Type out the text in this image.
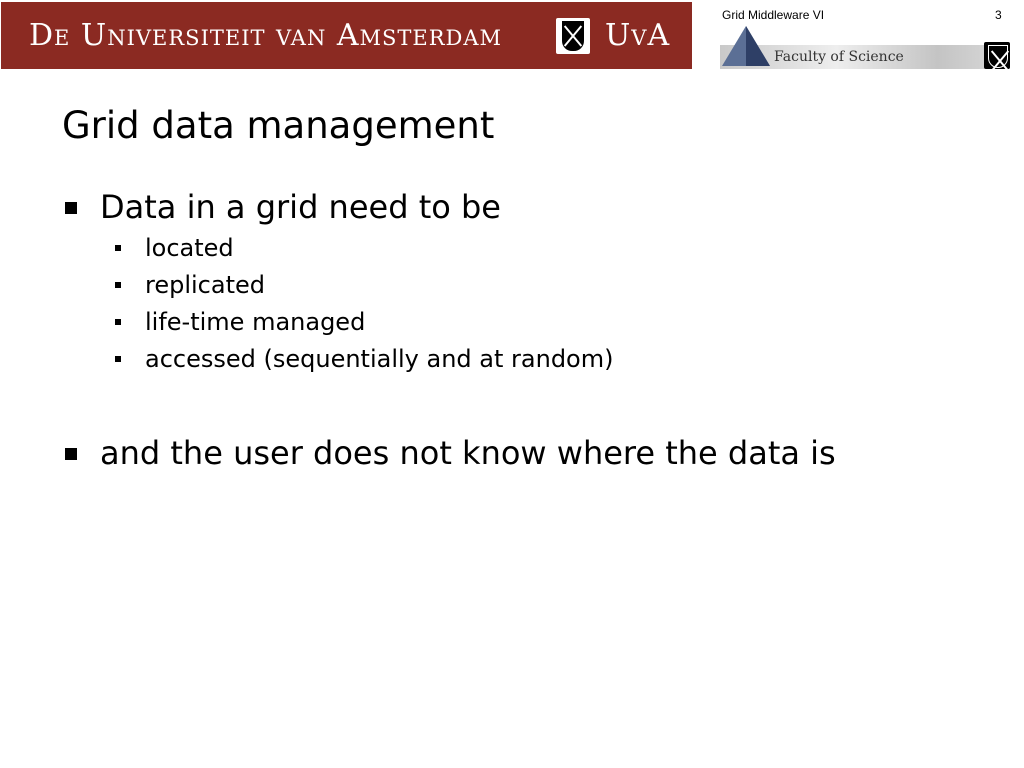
De Universiteit van Amsterdam	UvA
Grid Middleware VI	3
Faculty of Science
Grid data management
Data in a grid need to be
located
replicated
life-time managed
accessed (sequentially and at random)
and the user does not know where the data is
